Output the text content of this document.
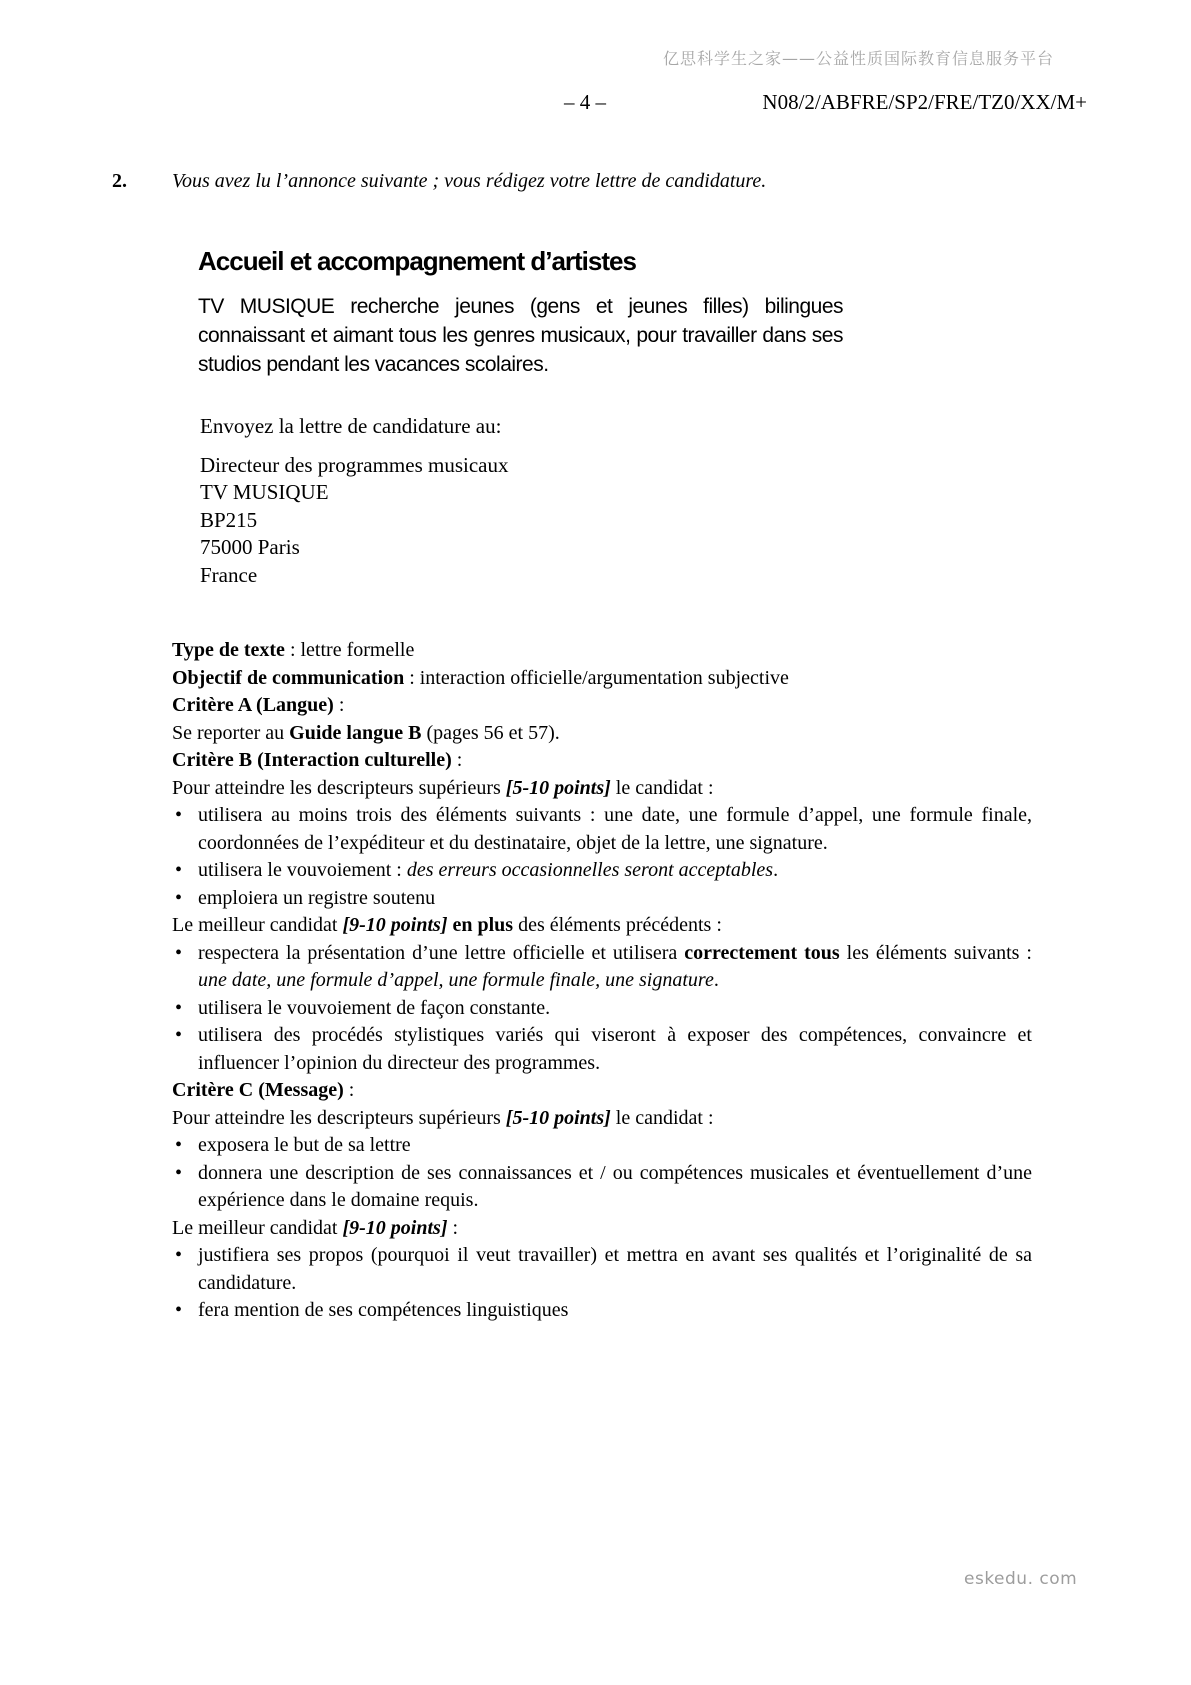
亿思科学生之家——公益性质国际教育信息服务平台
– 4 –	N08/2/ABFRE/SP2/FRE/TZ0/XX/M+
2. Vous avez lu l’annonce suivante ; vous rédigez votre lettre de candidature.
Accueil et accompagnement d’artistes
TV MUSIQUE recherche jeunes (gens et jeunes filles) bilingues connaissant et aimant tous les genres musicaux, pour travailler dans ses studios pendant les vacances scolaires.
Envoyez la lettre de candidature au:
Directeur des programmes musicaux
TV MUSIQUE
BP215
75000 Paris
France

Type de texte : lettre formelle

Objectif de communication : interaction officielle/argumentation subjective

Critère A (Langue) :

Se reporter au Guide langue B (pages 56 et 57).

Critère B (Interaction culturelle) :

Pour atteindre les descripteurs supérieurs [5-10 points] le candidat :

• utilisera au moins trois des éléments suivants : une date, une formule d’appel, une formule finale, coordonnées de l’expéditeur et du destinataire, objet de la lettre, une signature.
• utilisera le vouvoiement : des erreurs occasionnelles seront acceptables.
• emploiera un registre soutenu

Le meilleur candidat [9-10 points] en plus des éléments précédents :

• respectera la présentation d’une lettre officielle et utilisera correctement tous les éléments suivants : une date, une formule d’appel, une formule finale, une signature.
• utilisera le vouvoiement de façon constante.
• utilisera des procédés stylistiques variés qui viseront à exposer des compétences, convaincre et influencer l’opinion du directeur des programmes.

Critère C (Message) :

Pour atteindre les descripteurs supérieurs [5-10 points] le candidat :

• exposera le but de sa lettre
• donnera une description de ses connaissances et / ou compétences musicales et éventuellement d’une expérience dans le domaine requis.

Le meilleur candidat [9-10 points] :

• justifiera ses propos (pourquoi il veut travailler) et mettra en avant ses qualités et l’originalité de sa candidature.
• fera mention de ses compétences linguistiques
eskedu. com
